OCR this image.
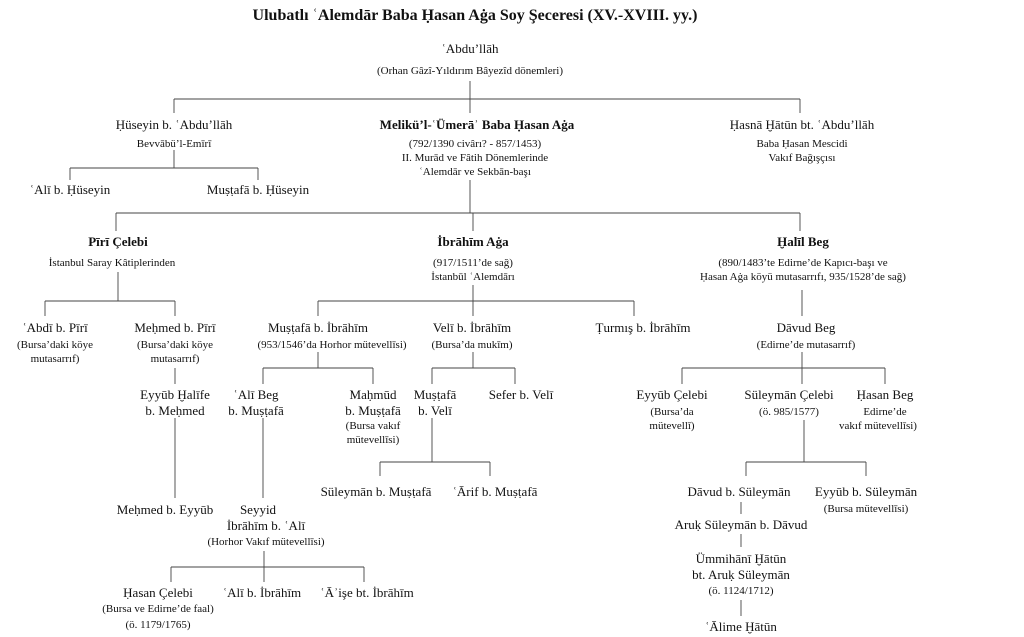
Ulubatlı ʿAlemdār Baba Ḥasan Aġa Soy Şeceresi (XV.-XVIII. yy.)
ʿAbdu’llāh
(Orhan Gâzî-Yıldırım Bâyezîd dönemleri)
Ḥüseyin b. ʿAbdu’llāh
Bevvābü’l-Emīrī
Melikü’l-ʿÜmerāʾ Baba Ḥasan Aġa
(792/1390 civârı? - 857/1453)
II. Murād ve Fâtih Dönemlerinde
ʿAlemdār ve Sekbān-başı
Ḥasnā Ḫātūn bt. ʿAbdu’llāh
Baba Ḥasan Mescidi
Vakıf Bağışçısı
ʿAlī b. Ḥüseyin	Muṣṭafā b. Ḥüseyin
Pīrī Çelebi
İstanbul Saray Kâtiplerinden
İbrāhīm Aġa
(917/1511’de sağ)
İstanbūl ʿAlemdārı
Ḫalīl Beg
(890/1483’te Edirne’de Kapıcı-başı ve
Ḥasan Aġa köyü mutasarrıfı, 935/1528’de sağ)
ʿAbdī b. Pīrī
(Bursa’daki köye
mutasarrıf)
Meḥmed b. Pīrī
(Bursa’daki köye
mutasarrıf)
Muṣṭafā b. İbrāhīm
(953/1546’da Horhor mütevellīsi)
Velī b. İbrāhīm
(Bursa’da mukīm)
Ṭurmış b. İbrāhīm	Dāvud Beg
(Edirne’de mutasarrıf)
Eyyūb Ḫalīfe
b. Meḥmed
ʿAlī Beg
b. Muṣṭafā
Maḥmūd
b. Muṣṭafā
(Bursa vakıf
mütevellīsi)
Muṣṭafā
b. Velī
Sefer b. Velī	Eyyūb Çelebi
(Bursa’da
mütevellī)
Süleymān Çelebi
(ö. 985/1577)
Ḥasan Beg
Edirne’de
vakıf mütevellīsi)
Süleymān b. Muṣṭafā ʿĀrif b. Muṣṭafā	Dāvud b. Süleymān Eyyūb b. Süleymān
(Bursa mütevellīsi)
Meḥmed b. Eyyūb Seyyid
İbrāhīm b. ʿAlī
(Horhor Vakıf mütevellīsi)
Aruḳ Süleymān b. Dāvud
Ümmihānī Ḫātūn
bt. Aruḳ Süleymān
(ö. 1124/1712)
Ḥasan Çelebi
(Bursa ve Edirne’de faal)
(ö. 1179/1765)
ʿAlī b. İbrāhīm ʿĀʾişe bt. İbrāhīm
ʿĀlime Ḫātūn
